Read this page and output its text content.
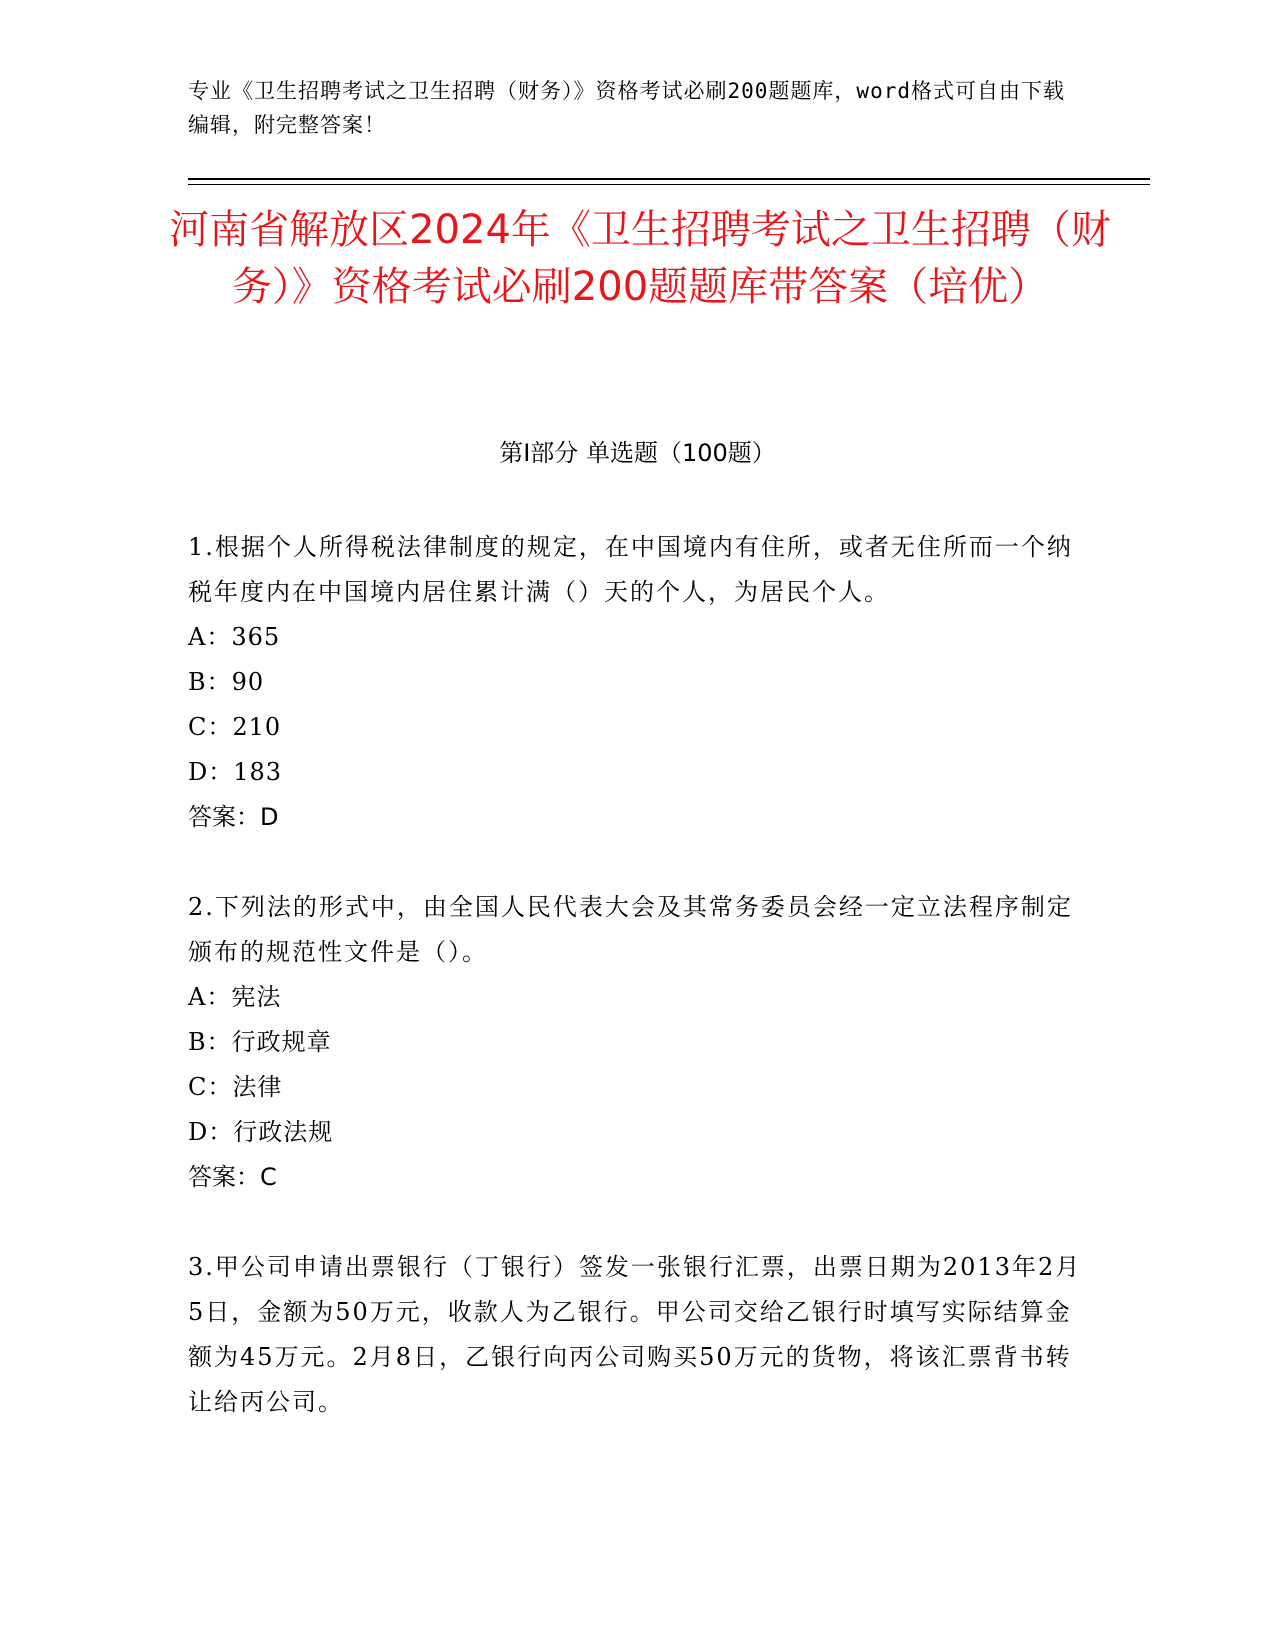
专业《卫生招聘考试之卫生招聘（财务）》资格考试必刷200题题库，word格式可自由下载编辑，附完整答案！
河南省解放区2024年《卫生招聘考试之卫生招聘（财务）》资格考试必刷200题题库带答案（培优）
第Ⅰ部分 单选题（100题）
1.根据个人所得税法律制度的规定，在中国境内有住所，或者无住所而一个纳税年度内在中国境内居住累计满（）天的个人，为居民个人。
A：365
B：90
C：210
D：183
答案：D
2.下列法的形式中，由全国人民代表大会及其常务委员会经一定立法程序制定颁布的规范性文件是（）。
A：宪法
B：行政规章
C：法律
D：行政法规
答案：C
3.甲公司申请出票银行（丁银行）签发一张银行汇票，出票日期为2013年2月5日，金额为50万元，收款人为乙银行。甲公司交给乙银行时填写实际结算金额为45万元。2月8日，乙银行向丙公司购买50万元的货物，将该汇票背书转让给丙公司。
